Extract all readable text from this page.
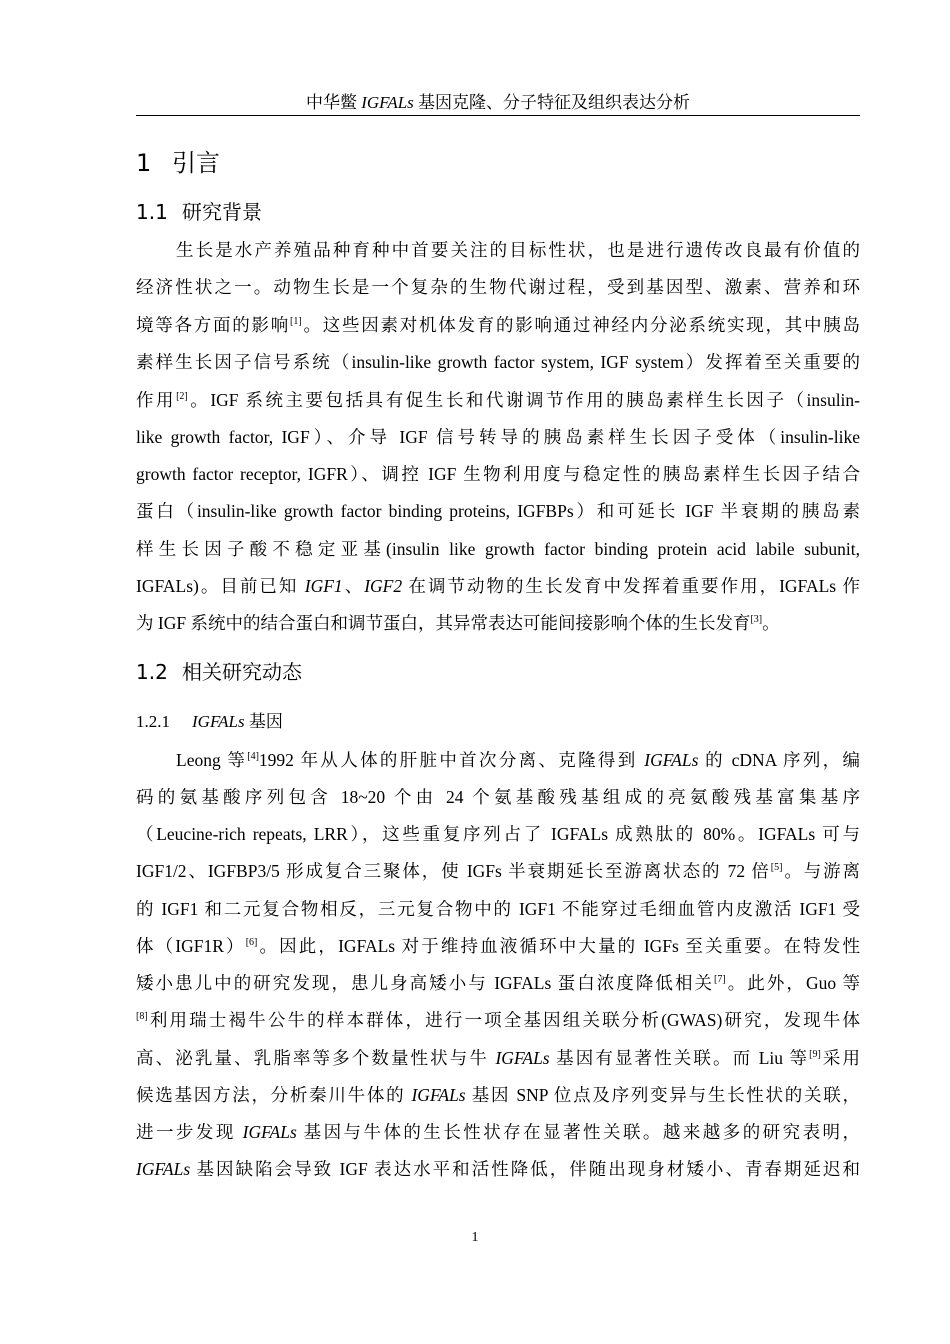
中华鳖 IGFALs 基因克隆、分子特征及组织表达分析
1 引言
1.1 研究背景
生长是水产养殖品种育种中首要关注的目标性状，也是进行遗传改良最有价值的
经济性状之一。动物生长是一个复杂的生物代谢过程，受到基因型、激素、营养和环
境等各方面的影响[1]。这些因素对机体发育的影响通过神经内分泌系统实现，其中胰岛
素样生长因子信号系统（insulin-like growth factor system, IGF system）发挥着至关重要的
作用[2]。IGF 系统主要包括具有促生长和代谢调节作用的胰岛素样生长因子（insulin-
like growth factor, IGF）、介导 IGF 信号转导的胰岛素样生长因子受体（insulin-like
growth factor receptor, IGFR）、调控 IGF 生物利用度与稳定性的胰岛素样生长因子结合
蛋白（insulin-like growth factor binding proteins, IGFBPs）和可延长 IGF 半衰期的胰岛素
样生长因子酸不稳定亚基(insulin like growth factor binding protein acid labile subunit,
IGFALs)。目前已知 IGF1、IGF2 在调节动物的生长发育中发挥着重要作用，IGFALs 作
为 IGF 系统中的结合蛋白和调节蛋白，其异常表达可能间接影响个体的生长发育[3]。
1.2 相关研究动态
1.2.1 IGFALs 基因
Leong 等[4]1992 年从人体的肝脏中首次分离、克隆得到 IGFALs 的 cDNA 序列，编
码的氨基酸序列包含 18~20 个由 24 个氨基酸残基组成的亮氨酸残基富集基序
（Leucine-rich repeats, LRR），这些重复序列占了 IGFALs 成熟肽的 80%。IGFALs 可与
IGF1/2、IGFBP3/5 形成复合三聚体，使 IGFs 半衰期延长至游离状态的 72 倍[5]。与游离
的 IGF1 和二元复合物相反，三元复合物中的 IGF1 不能穿过毛细血管内皮激活 IGF1 受
体（IGF1R）[6]。因此，IGFALs 对于维持血液循环中大量的 IGFs 至关重要。在特发性
矮小患儿中的研究发现，患儿身高矮小与 IGFALs 蛋白浓度降低相关[7]。此外，Guo 等
[8]利用瑞士褐牛公牛的样本群体，进行一项全基因组关联分析(GWAS)研究，发现牛体
高、泌乳量、乳脂率等多个数量性状与牛 IGFALs 基因有显著性关联。而 Liu 等[9]采用
候选基因方法，分析秦川牛体的 IGFALs 基因 SNP 位点及序列变异与生长性状的关联，
进一步发现 IGFALs 基因与牛体的生长性状存在显著性关联。越来越多的研究表明，
IGFALs 基因缺陷会导致 IGF 表达水平和活性降低，伴随出现身材矮小、青春期延迟和
1
